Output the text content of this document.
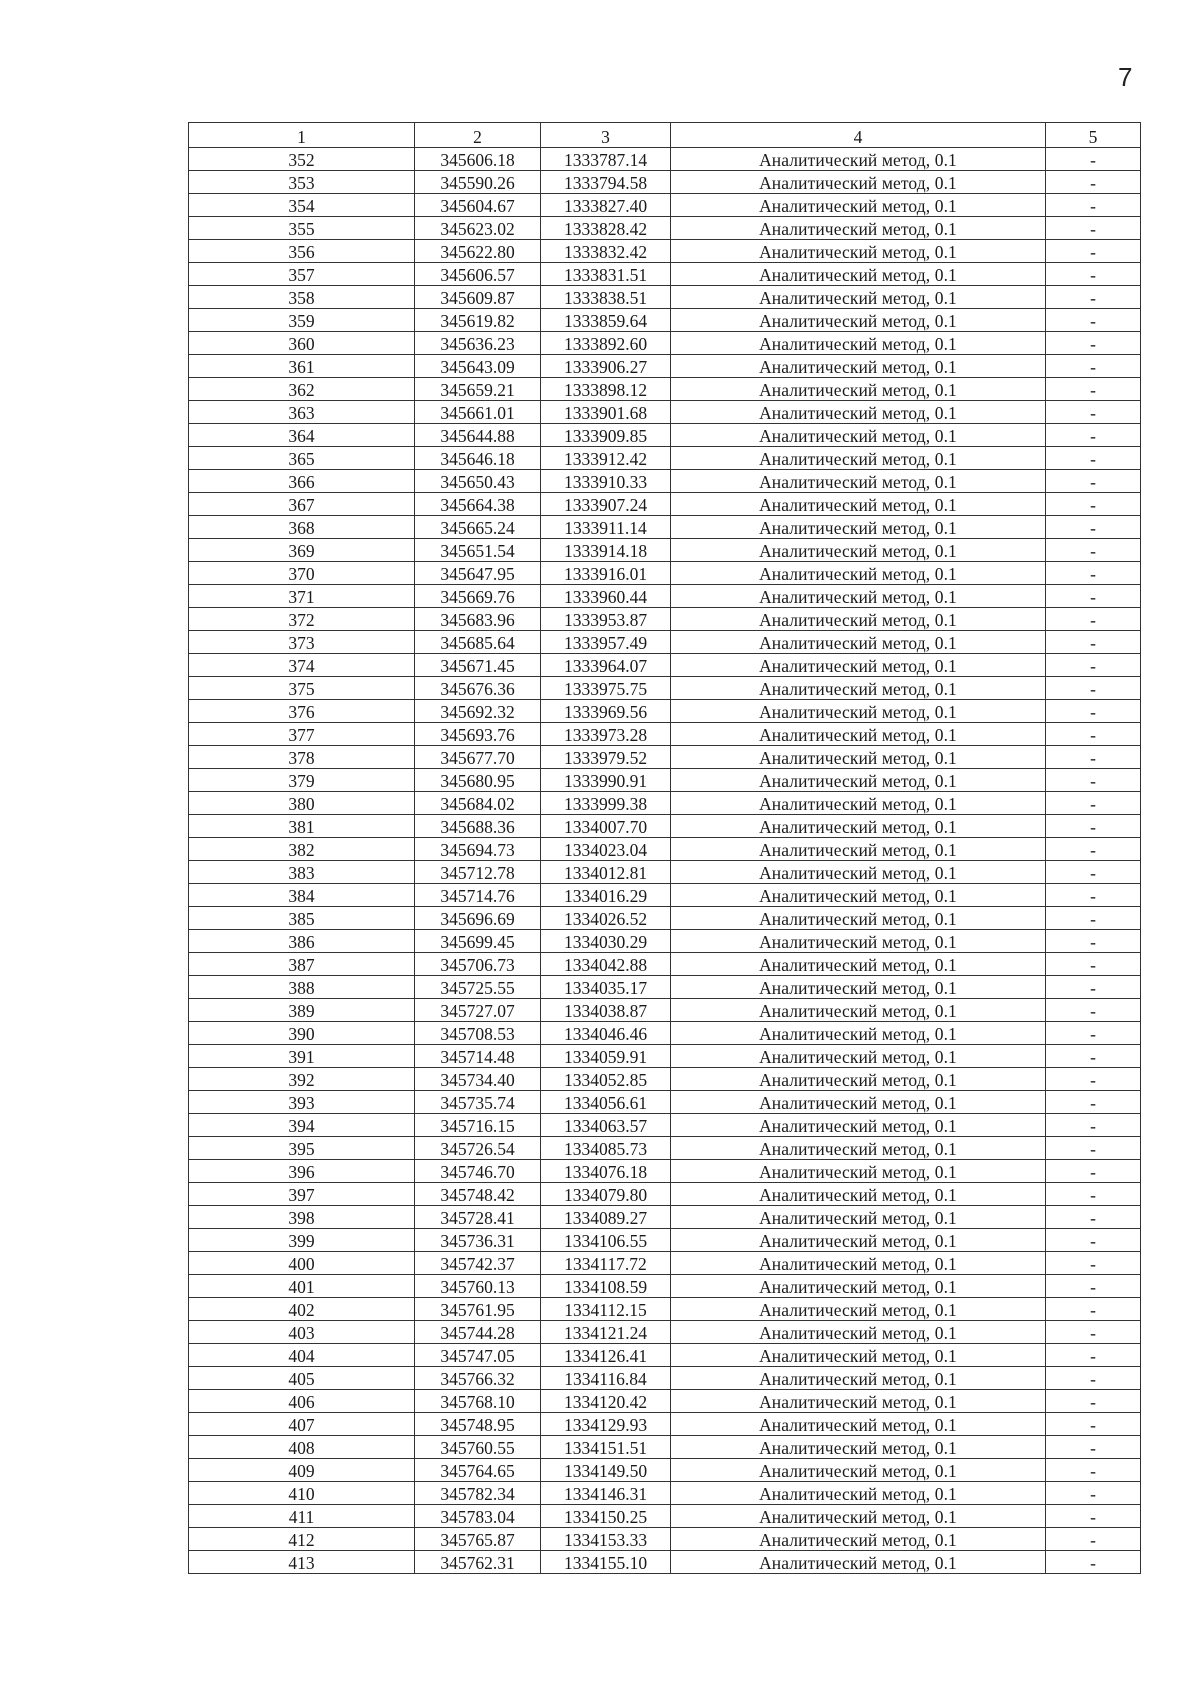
7
1	2	3	4	5
352	345606.18	1333787.14	Аналитический метод, 0.1	-
353	345590.26	1333794.58	Аналитический метод, 0.1	-
354	345604.67	1333827.40	Аналитический метод, 0.1	-
355	345623.02	1333828.42	Аналитический метод, 0.1	-
356	345622.80	1333832.42	Аналитический метод, 0.1	-
357	345606.57	1333831.51	Аналитический метод, 0.1	-
358	345609.87	1333838.51	Аналитический метод, 0.1	-
359	345619.82	1333859.64	Аналитический метод, 0.1	-
360	345636.23	1333892.60	Аналитический метод, 0.1	-
361	345643.09	1333906.27	Аналитический метод, 0.1	-
362	345659.21	1333898.12	Аналитический метод, 0.1	-
363	345661.01	1333901.68	Аналитический метод, 0.1	-
364	345644.88	1333909.85	Аналитический метод, 0.1	-
365	345646.18	1333912.42	Аналитический метод, 0.1	-
366	345650.43	1333910.33	Аналитический метод, 0.1	-
367	345664.38	1333907.24	Аналитический метод, 0.1	-
368	345665.24	1333911.14	Аналитический метод, 0.1	-
369	345651.54	1333914.18	Аналитический метод, 0.1	-
370	345647.95	1333916.01	Аналитический метод, 0.1	-
371	345669.76	1333960.44	Аналитический метод, 0.1	-
372	345683.96	1333953.87	Аналитический метод, 0.1	-
373	345685.64	1333957.49	Аналитический метод, 0.1	-
374	345671.45	1333964.07	Аналитический метод, 0.1	-
375	345676.36	1333975.75	Аналитический метод, 0.1	-
376	345692.32	1333969.56	Аналитический метод, 0.1	-
377	345693.76	1333973.28	Аналитический метод, 0.1	-
378	345677.70	1333979.52	Аналитический метод, 0.1	-
379	345680.95	1333990.91	Аналитический метод, 0.1	-
380	345684.02	1333999.38	Аналитический метод, 0.1	-
381	345688.36	1334007.70	Аналитический метод, 0.1	-
382	345694.73	1334023.04	Аналитический метод, 0.1	-
383	345712.78	1334012.81	Аналитический метод, 0.1	-
384	345714.76	1334016.29	Аналитический метод, 0.1	-
385	345696.69	1334026.52	Аналитический метод, 0.1	-
386	345699.45	1334030.29	Аналитический метод, 0.1	-
387	345706.73	1334042.88	Аналитический метод, 0.1	-
388	345725.55	1334035.17	Аналитический метод, 0.1	-
389	345727.07	1334038.87	Аналитический метод, 0.1	-
390	345708.53	1334046.46	Аналитический метод, 0.1	-
391	345714.48	1334059.91	Аналитический метод, 0.1	-
392	345734.40	1334052.85	Аналитический метод, 0.1	-
393	345735.74	1334056.61	Аналитический метод, 0.1	-
394	345716.15	1334063.57	Аналитический метод, 0.1	-
395	345726.54	1334085.73	Аналитический метод, 0.1	-
396	345746.70	1334076.18	Аналитический метод, 0.1	-
397	345748.42	1334079.80	Аналитический метод, 0.1	-
398	345728.41	1334089.27	Аналитический метод, 0.1	-
399	345736.31	1334106.55	Аналитический метод, 0.1	-
400	345742.37	1334117.72	Аналитический метод, 0.1	-
401	345760.13	1334108.59	Аналитический метод, 0.1	-
402	345761.95	1334112.15	Аналитический метод, 0.1	-
403	345744.28	1334121.24	Аналитический метод, 0.1	-
404	345747.05	1334126.41	Аналитический метод, 0.1	-
405	345766.32	1334116.84	Аналитический метод, 0.1	-
406	345768.10	1334120.42	Аналитический метод, 0.1	-
407	345748.95	1334129.93	Аналитический метод, 0.1	-
408	345760.55	1334151.51	Аналитический метод, 0.1	-
409	345764.65	1334149.50	Аналитический метод, 0.1	-
410	345782.34	1334146.31	Аналитический метод, 0.1	-
411	345783.04	1334150.25	Аналитический метод, 0.1	-
412	345765.87	1334153.33	Аналитический метод, 0.1	-
413	345762.31	1334155.10	Аналитический метод, 0.1	-
